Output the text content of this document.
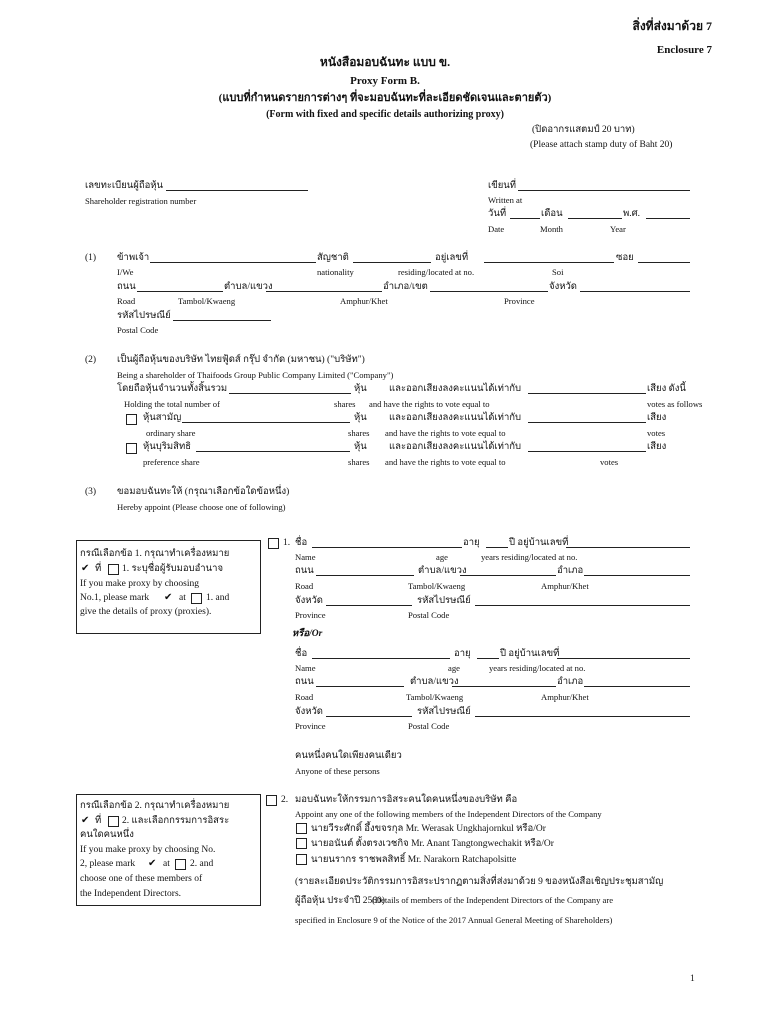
สิ่งที่ส่งมาด้วย 7
Enclosure 7
หนังสือมอบฉันทะ แบบ ข.
Proxy Form B.
(แบบที่กำหนดรายการต่างๆ ที่จะมอบฉันทะที่ละเอียดชัดเจนและตายตัว)
(Form with fixed and specific details authorizing proxy)
(ปิดอากรแสตมป์ 20 บาท)
(Please attach stamp duty of Baht 20)
เลขทะเบียนผู้ถือหุ้น
Shareholder registration number
เขียนที่
Written at
วันที่	เดือน	พ.ศ.
Date	Month	Year
(1) ข้าพเจ้า	สัญชาติ	อยู่เลขที่	ซอย
I/We	nationality	residing/located at no.	Soi
ถนน	ตำบล/แขวง	อำเภอ/เขต	จังหวัด
Road	Tambol/Kwaeng	Amphur/Khet	Province
รหัสไปรษณีย์
Postal Code
(2) เป็นผู้ถือหุ้นของบริษัท ไทยฟู้ดส์ กรุ๊ป จำกัด (มหาชน) ("บริษัท")
Being a shareholder of Thaifoods Group Public Company Limited ("Company")
โดยถือหุ้นจำนวนทั้งสิ้นรวม	หุ้น และออกเสียงลงคะแนนได้เท่ากับ	เสียง ดังนี้
Holding the total number of	shares and have the rights to vote equal to	votes as follows
หุ้นสามัญ	หุ้น และออกเสียงลงคะแนนได้เท่ากับ	เสียง
ordinary share	shares and have the rights to vote equal to	votes
หุ้นบุริมสิทธิ	หุ้น และออกเสียงลงคะแนนได้เท่ากับ	เสียง
preference share	shares and have the rights to vote equal to	votes
(3) ขอมอบฉันทะให้ (กรุณาเลือกข้อใดข้อหนึ่ง)
Hereby appoint (Please choose one of following)
กรณีเลือกข้อ 1. กรุณาทำเครื่องหมาย
✔ ที่ 1. ระบุชื่อผู้รับมอบอำนาจ
If you make proxy by choosing
No.1, please mark ✔ at 1. and
give the details of proxy (proxies).
1. ชื่อ	อายุ	ปี อยู่บ้านเลขที่
Name	age	years residing/located at no.
ถนน	ตำบล/แขวง	อำเภอ
Road	Tambol/Kwaeng	Amphur/Khet
จังหวัด	รหัสไปรษณีย์
Province	Postal Code
หรือ/Or
ชื่อ	อายุ	ปี อยู่บ้านเลขที่
Name	age	years residing/located at no.
ถนน	ตำบล/แขวง	อำเภอ
Road	Tambol/Kwaeng	Amphur/Khet
จังหวัด	รหัสไปรษณีย์
Province	Postal Code
คนหนึ่งคนใดเพียงคนเดียว
Anyone of these persons
กรณีเลือกข้อ 2. กรุณาทำเครื่องหมาย
✔ ที่ 2. และเลือกกรรมการอิสระ
คนใดคนหนึ่ง
If you make proxy by choosing No.
2, please mark ✔ at 2. and
choose one of these members of
the Independent Directors.
2. มอบฉันทะให้กรรมการอิสระคนใดคนหนึ่งของบริษัท คือ
Appoint any one of the following members of the Independent Directors of the Company
นายวีระศักดิ์ อึ้งขจรกุล Mr. Werasak Ungkhajornkul หรือ/Or
นายอนันต์ ตั้งตรงเวชกิจ Mr. Anant Tangtongwechakit หรือ/Or
นายนรากร ราชพลสิทธิ์ Mr. Narakorn Ratchapolsitte
(รายละเอียดประวัติกรรมการอิสระปรากฏตามสิ่งที่ส่งมาด้วย 9 ของหนังสือเชิญประชุมสามัญ
ผู้ถือหุ้น ประจำปี 2560)
(Details of members of the Independent Directors of the Company are
specified in Enclosure 9 of the Notice of the 2017 Annual General Meeting of Shareholders)
1
